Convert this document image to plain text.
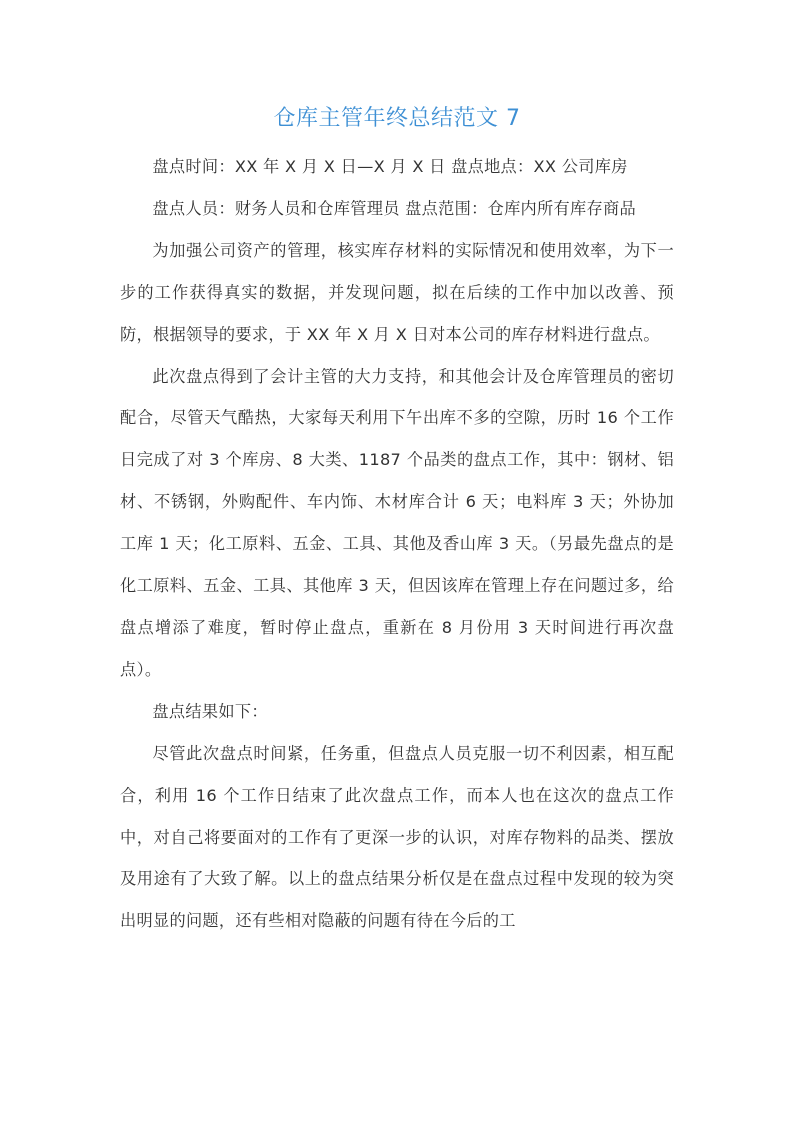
仓库主管年终总结范文 7

盘点时间：XX 年 X 月 X 日—X 月 X 日 盘点地点：XX 公司库房

盘点人员：财务人员和仓库管理员 盘点范围：仓库内所有库存商品

为加强公司资产的管理，核实库存材料的实际情况和使用效率，为下一步的工作获得真实的数据，并发现问题，拟在后续的工作中加以改善、预防，根据领导的要求，于 XX 年 X 月 X 日对本公司的库存材料进行盘点。

此次盘点得到了会计主管的大力支持，和其他会计及仓库管理员的密切配合，尽管天气酷热，大家每天利用下午出库不多的空隙，历时 16 个工作日完成了对 3 个库房、8 大类、1187 个品类的盘点工作，其中：钢材、铝材、不锈钢，外购配件、车内饰、木材库合计 6 天；电料库 3 天；外协加工库 1 天；化工原料、五金、工具、其他及香山库 3 天。（另最先盘点的是化工原料、五金、工具、其他库 3 天，但因该库在管理上存在问题过多，给盘点增添了难度，暂时停止盘点，重新在 8 月份用 3 天时间进行再次盘点）。

盘点结果如下：

尽管此次盘点时间紧，任务重，但盘点人员克服一切不利因素，相互配合，利用 16 个工作日结束了此次盘点工作，而本人也在这次的盘点工作中，对自己将要面对的工作有了更深一步的认识，对库存物料的品类、摆放及用途有了大致了解。以上的盘点结果分析仅是在盘点过程中发现的较为突出明显的问题，还有些相对隐蔽的问题有待在今后的工
